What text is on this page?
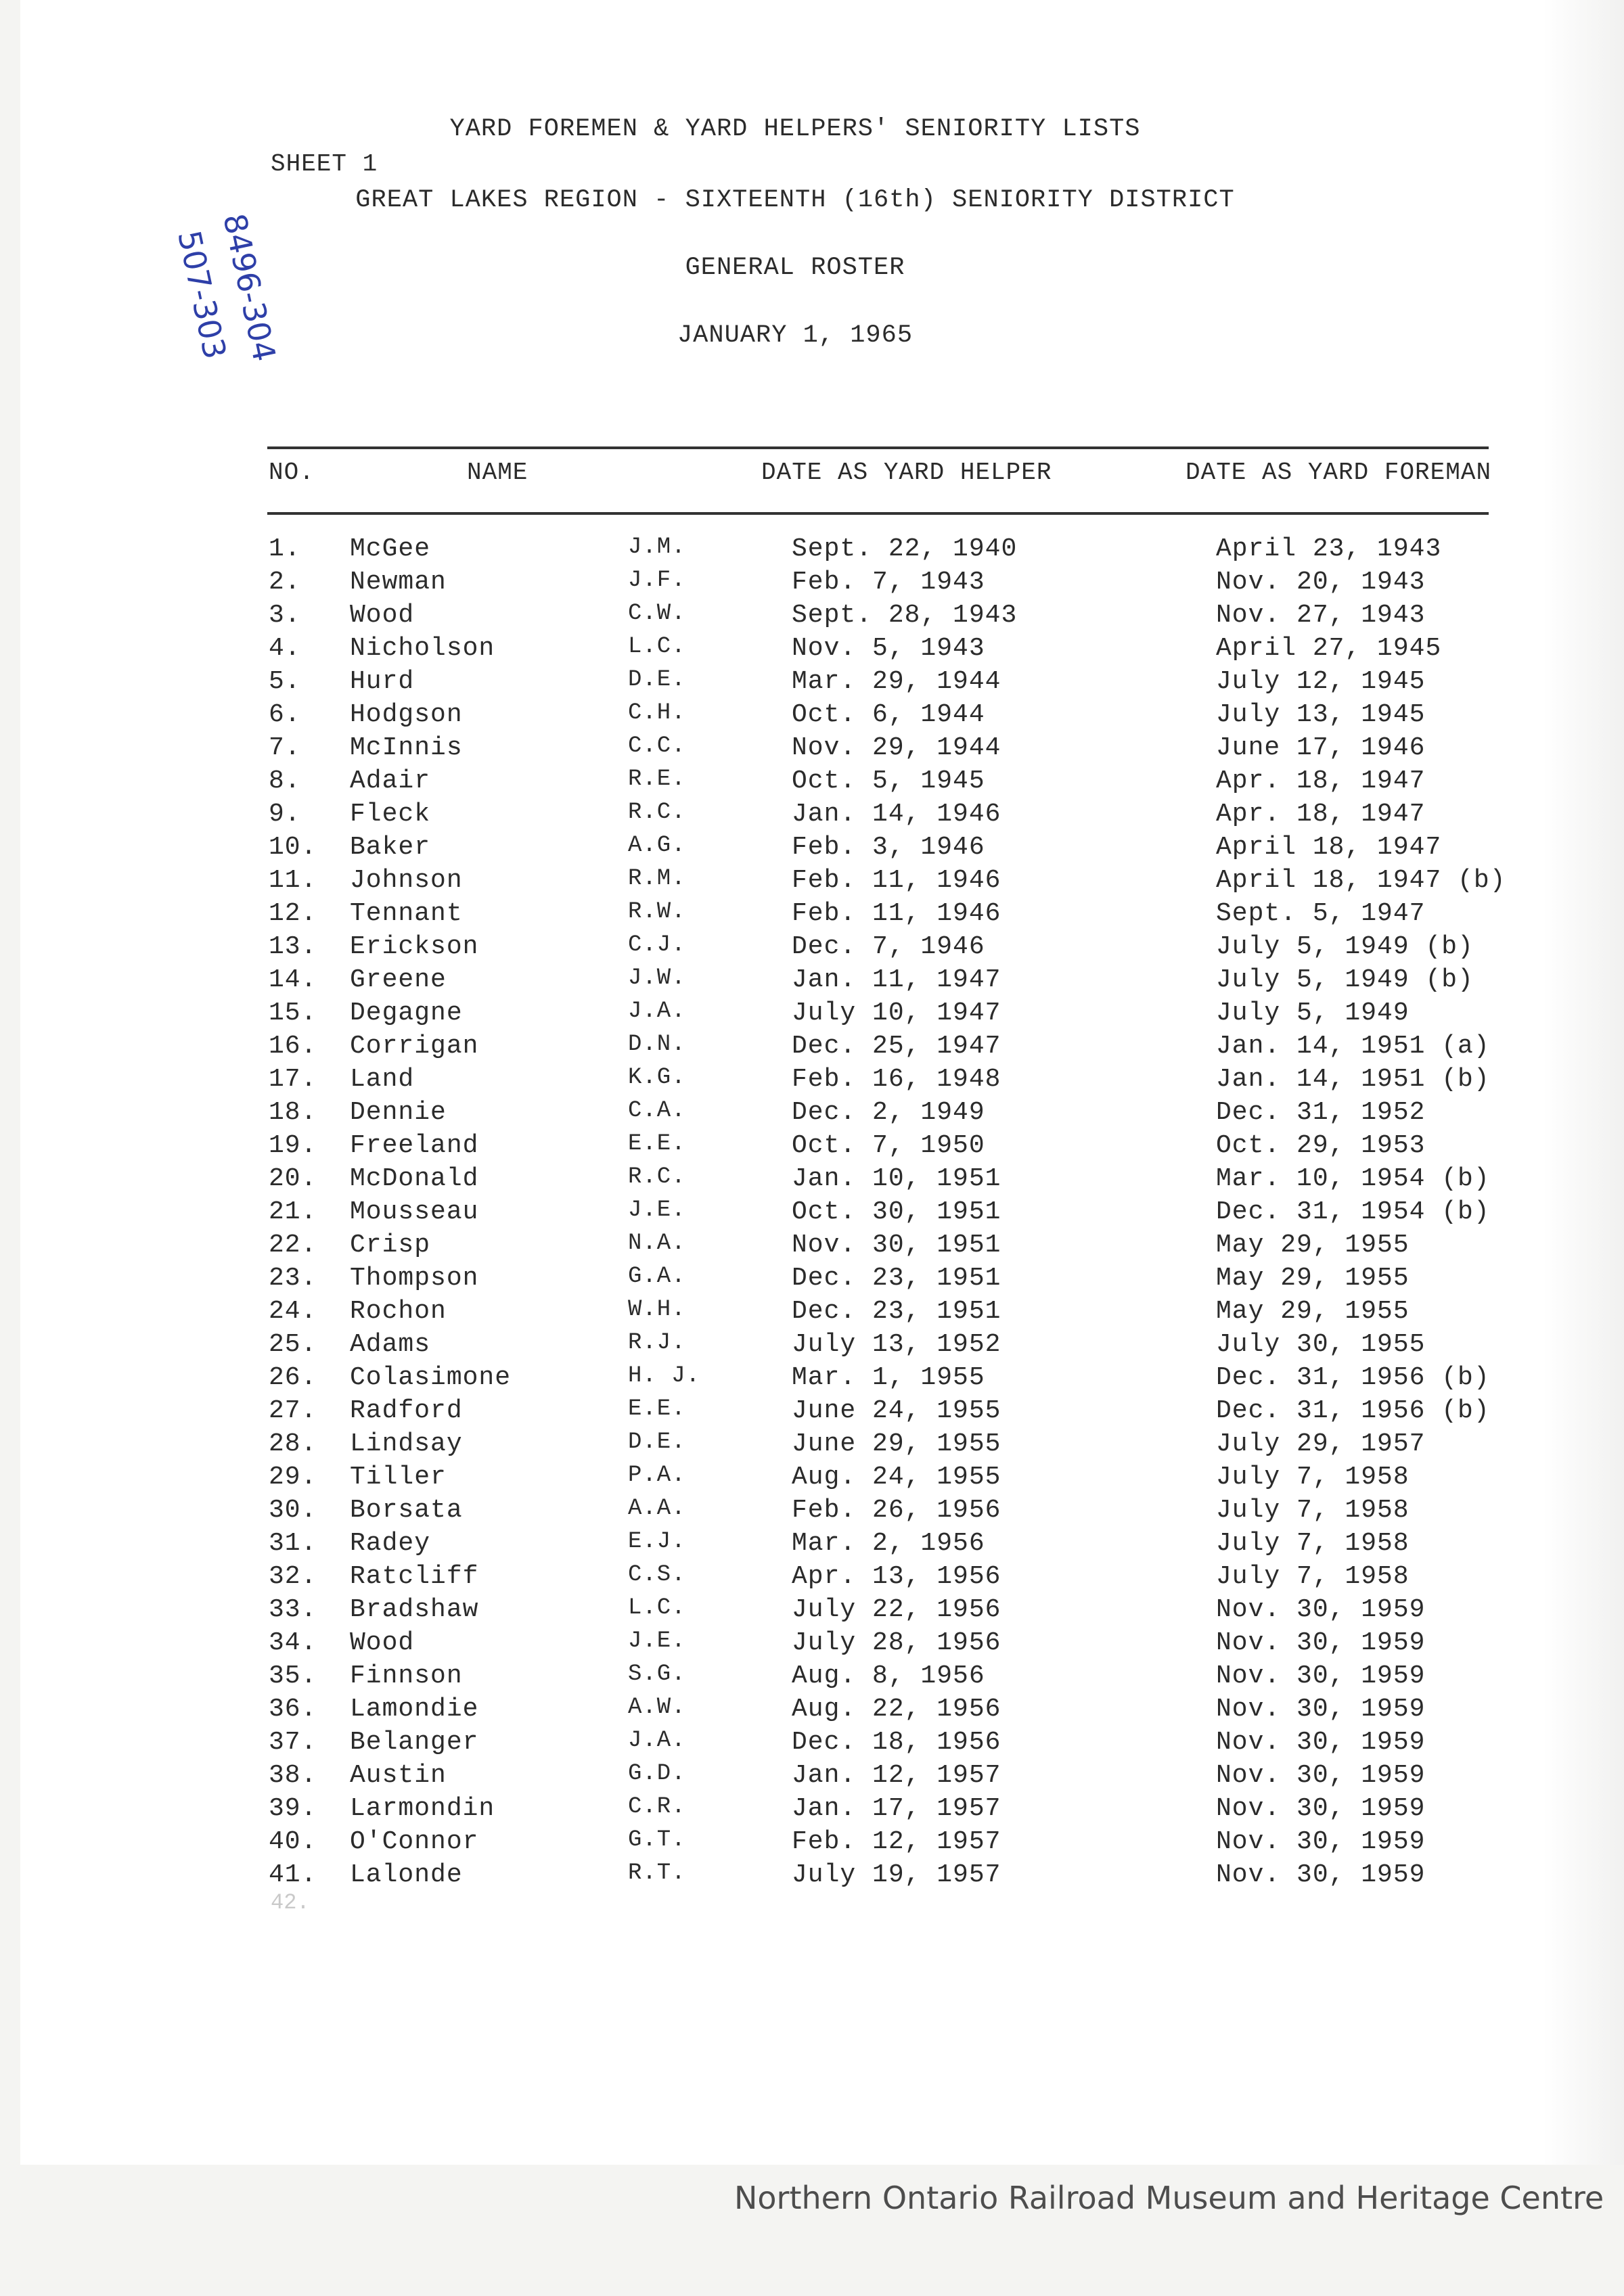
SHEET 1
8496-304
507-303
YARD FOREMEN & YARD HELPERS' SENIORITY LISTS
GREAT LAKES REGION - SIXTEENTH (16th) SENIORITY DISTRICT
GENERAL ROSTER
JANUARY 1, 1965
NO.	NAME	DATE AS YARD HELPER	DATE AS YARD FOREMAN
1. McGee	J.M.	Sept. 22, 1940	April 23, 1943
2. Newman	J.F.	Feb. 7, 1943	Nov. 20, 1943
3. Wood	C.W.	Sept. 28, 1943	Nov. 27, 1943
4. Nicholson	L.C.	Nov. 5, 1943	April 27, 1945
5. Hurd	D.E.	Mar. 29, 1944	July 12, 1945
6. Hodgson	C.H.	Oct. 6, 1944	July 13, 1945
7. McInnis	C.C.	Nov. 29, 1944	June 17, 1946
8. Adair	R.E.	Oct. 5, 1945	Apr. 18, 1947
9. Fleck	R.C.	Jan. 14, 1946	Apr. 18, 1947
10. Baker	A.G.	Feb. 3, 1946	April 18, 1947
11. Johnson	R.M.	Feb. 11, 1946	April 18, 1947 (b)
12. Tennant	R.W.	Feb. 11, 1946	Sept. 5, 1947
13. Erickson	C.J.	Dec. 7, 1946	July 5, 1949 (b)
14. Greene	J.W.	Jan. 11, 1947	July 5, 1949 (b)
15. Degagne	J.A.	July 10, 1947	July 5, 1949
16. Corrigan	D.N.	Dec. 25, 1947	Jan. 14, 1951 (a)
17. Land	K.G.	Feb. 16, 1948	Jan. 14, 1951 (b)
18. Dennie	C.A.	Dec. 2, 1949	Dec. 31, 1952
19. Freeland	E.E.	Oct. 7, 1950	Oct. 29, 1953
20. McDonald	R.C.	Jan. 10, 1951	Mar. 10, 1954 (b)
21. Mousseau	J.E.	Oct. 30, 1951	Dec. 31, 1954 (b)
22. Crisp	N.A.	Nov. 30, 1951	May 29, 1955
23. Thompson	G.A.	Dec. 23, 1951	May 29, 1955
24. Rochon	W.H.	Dec. 23, 1951	May 29, 1955
25. Adams	R.J.	July 13, 1952	July 30, 1955
26. Colasimone	H. J.	Mar. 1, 1955	Dec. 31, 1956 (b)
27. Radford	E.E.	June 24, 1955	Dec. 31, 1956 (b)
28. Lindsay	D.E.	June 29, 1955	July 29, 1957
29. Tiller	P.A.	Aug. 24, 1955	July 7, 1958
30. Borsata	A.A.	Feb. 26, 1956	July 7, 1958
31. Radey	E.J.	Mar. 2, 1956	July 7, 1958
32. Ratcliff	C.S.	Apr. 13, 1956	July 7, 1958
33. Bradshaw	L.C.	July 22, 1956	Nov. 30, 1959
34. Wood	J.E.	July 28, 1956	Nov. 30, 1959
35. Finnson	S.G.	Aug. 8, 1956	Nov. 30, 1959
36. Lamondie	A.W.	Aug. 22, 1956	Nov. 30, 1959
37. Belanger	J.A.	Dec. 18, 1956	Nov. 30, 1959
38. Austin	G.D.	Jan. 12, 1957	Nov. 30, 1959
39. Larmondin	C.R.	Jan. 17, 1957	Nov. 30, 1959
40. O'Connor	G.T.	Feb. 12, 1957	Nov. 30, 1959
41. Lalonde	R.T.	July 19, 1957	Nov. 30, 1959
42.
Northern Ontario Railroad Museum and Heritage Centre
